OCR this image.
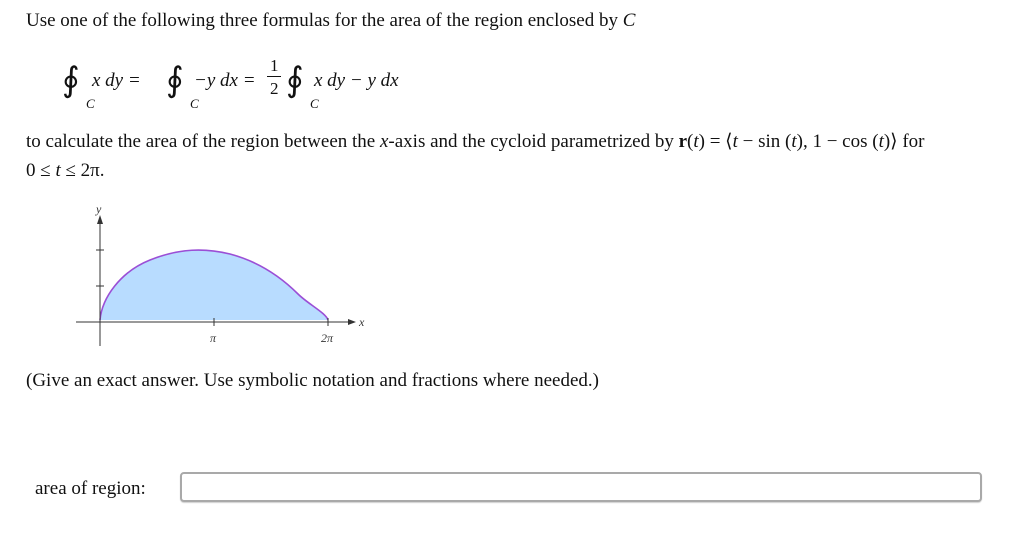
Use one of the following three formulas for the area of the region enclosed by C
∮
C
x dy = ∮
C
−y dx =
1
2 ∮
C
x dy − y dx
to calculate the area of the region between the x-axis and the cycloid parametrized by r(t) = ⟨t − sin (t), 1 − cos (t)⟩ for
0 ≤ t ≤ 2π.
y
x
π	2π
(Give an exact answer. Use symbolic notation and fractions where needed.)
area of region:
